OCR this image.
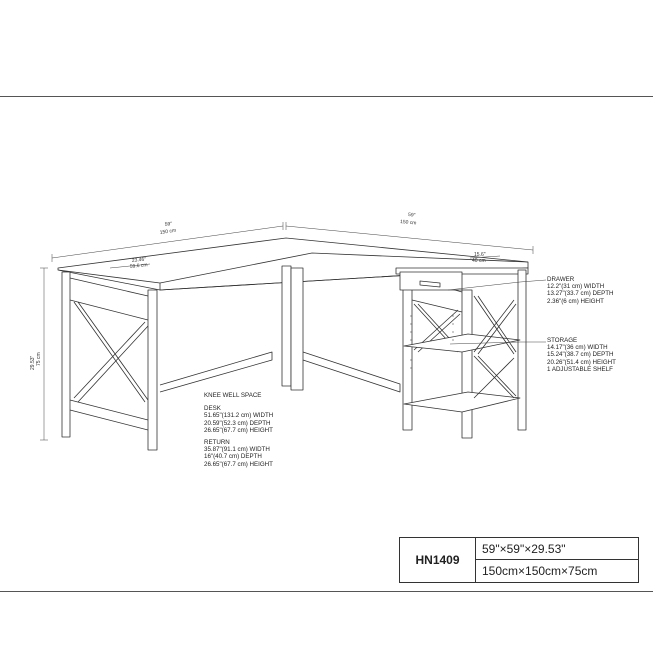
59"
150 cm
59"
150 cm
29.53" 75 cm
23.46"
59.6 cm
15.6"
40 cm
KNEE WELL SPACE
DESK
51.65"(131.2 cm) WIDTH
20.59"(52.3 cm) DEPTH
26.65"(67.7 cm) HEIGHT
RETURN
35.87"(91.1 cm) WIDTH
16"(40.7 cm) DEPTH
26.65"(67.7 cm) HEIGHT
DRAWER
12.2"(31 cm) WIDTH
13.27"(33.7 cm) DEPTH
2.36"(6 cm) HEIGHT
STORAGE
14.17"(36 cm) WIDTH
15.24"(38.7 cm) DEPTH
20.26"(51.4 cm) HEIGHT
1 ADJUSTABLE SHELF
HN1409
59"×59"×29.53"
150cm×150cm×75cm
